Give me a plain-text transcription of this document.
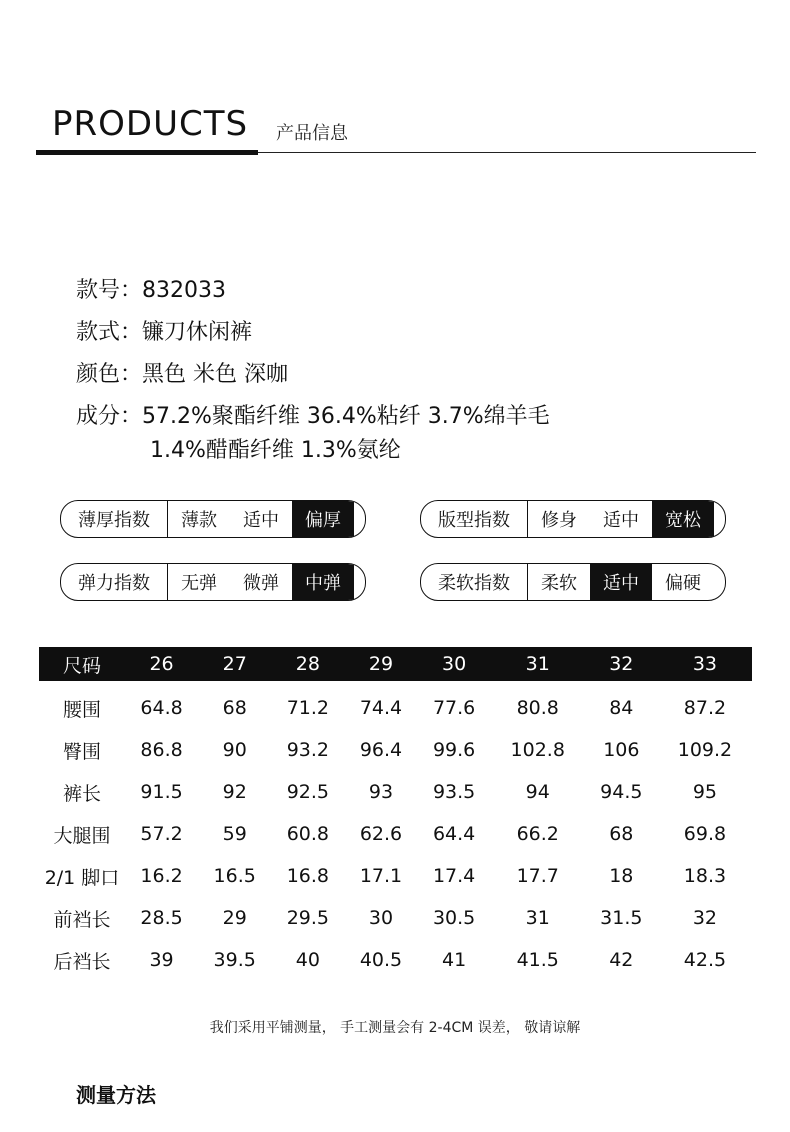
PRODUCTS 产品信息
款号：832033
款式：镰刀休闲裤
颜色：黑色 米色 深咖
成分：57.2%聚酯纤维 36.4%粘纤 3.7%绵羊毛
1.4%醋酯纤维 1.3%氨纶
薄厚指数	薄款	适中	偏厚	版型指数	修身	适中	宽松
弹力指数	无弹	微弹	中弹	柔软指数	柔软	适中	偏硬
尺码	26	27	28	29	30	31	32	33
腰围	64.8	68	71.2	74.4	77.6	80.8	84	87.2
臀围	86.8	90	93.2	96.4	99.6	102.8	106	109.2
裤长	91.5	92	92.5	93	93.5	94	94.5	95
大腿围	57.2	59	60.8	62.6	64.4	66.2	68	69.8
2/1 脚口	16.2	16.5	16.8	17.1	17.4	17.7	18	18.3
前裆长	28.5	29	29.5	30	30.5	31	31.5	32
后裆长	39	39.5	40	40.5	41	41.5	42	42.5
我们采用平铺测量， 手工测量会有 2-4CM 误差， 敬请谅解
测量方法
